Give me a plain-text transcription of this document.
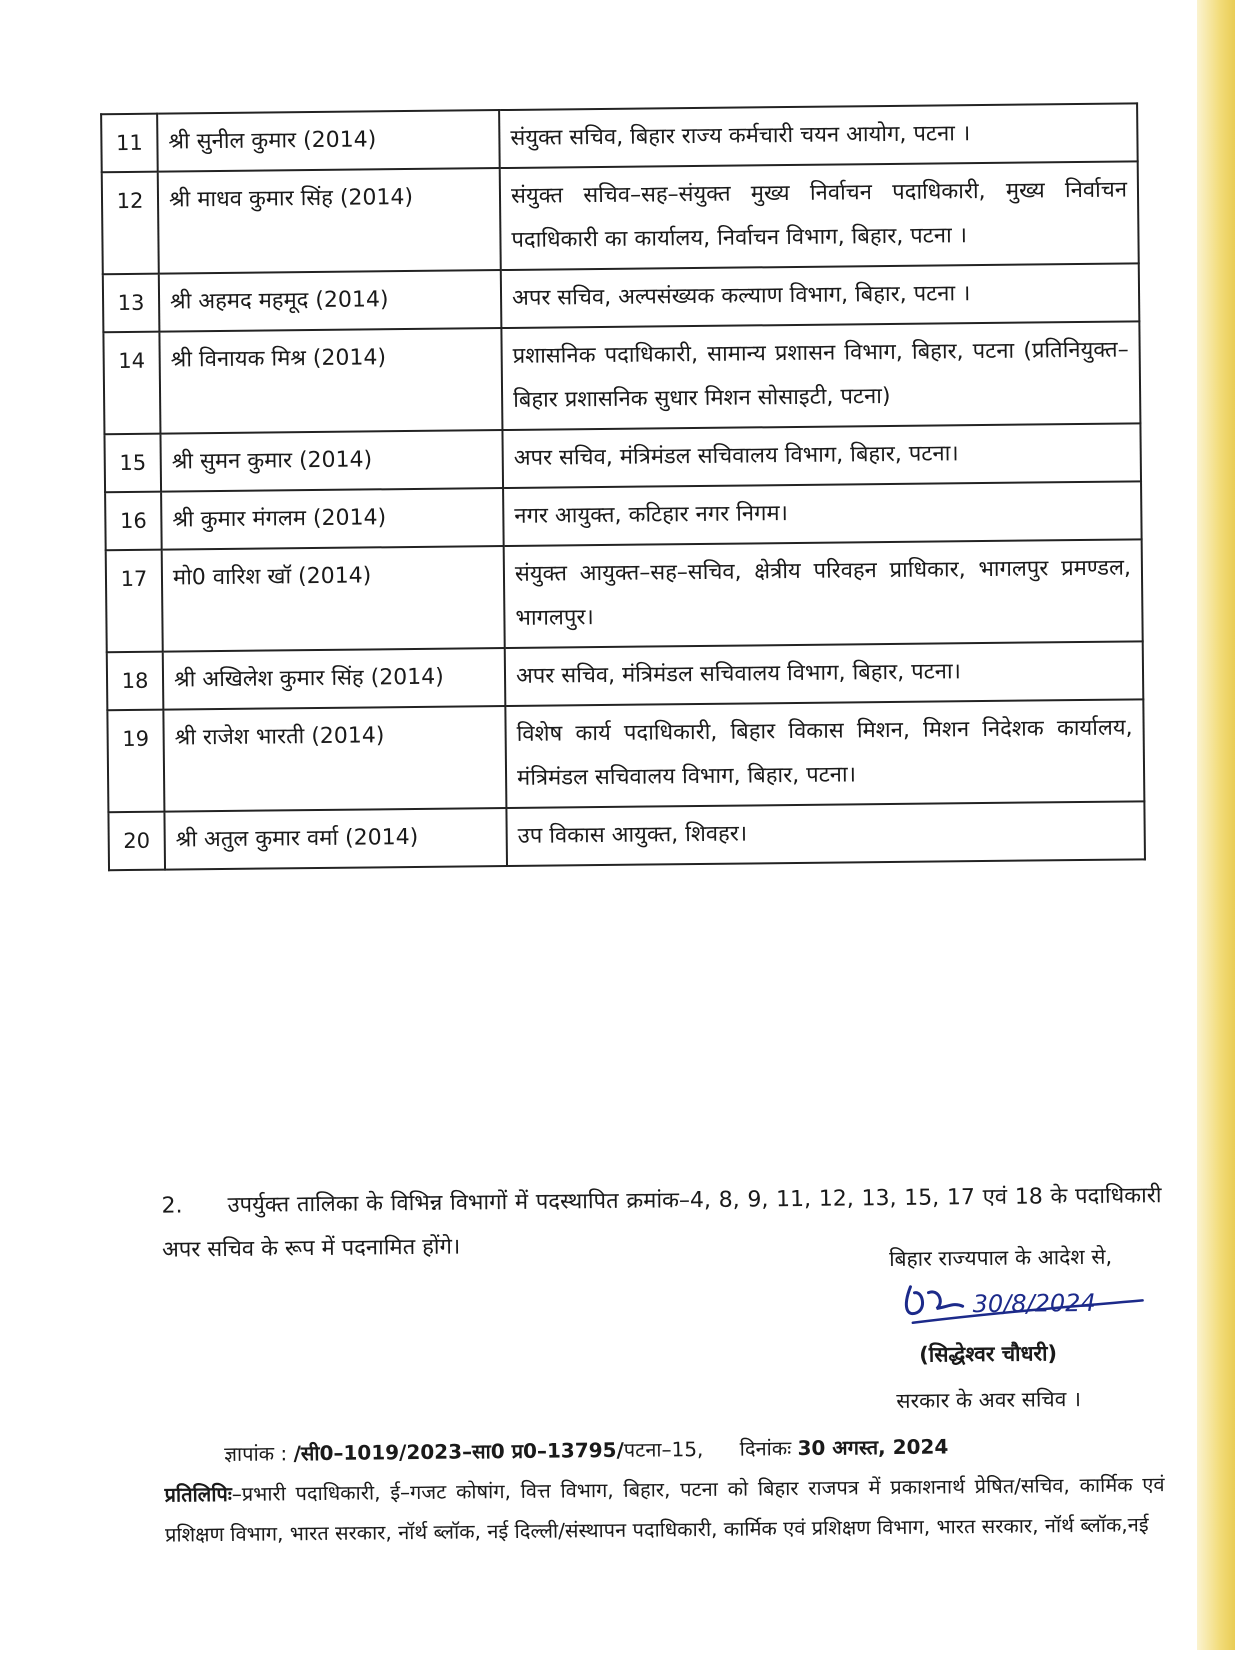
11	श्री सुनील कुमार (2014)	संयुक्त सचिव, बिहार राज्य कर्मचारी चयन आयोग, पटना ।
12	श्री माधव कुमार सिंह (2014)	संयुक्त सचिव–सह–संयुक्त मुख्य निर्वाचन पदाधिकारी, मुख्य निर्वाचन पदाधिकारी का कार्यालय, निर्वाचन विभाग, बिहार, पटना ।
13	श्री अहमद महमूद (2014)	अपर सचिव, अल्पसंख्यक कल्याण विभाग, बिहार, पटना ।
14	श्री विनायक मिश्र (2014)	प्रशासनिक पदाधिकारी, सामान्य प्रशासन विभाग, बिहार, पटना (प्रतिनियुक्त– बिहार प्रशासनिक सुधार मिशन सोसाइटी, पटना)
15	श्री सुमन कुमार (2014)	अपर सचिव, मंत्रिमंडल सचिवालय विभाग, बिहार, पटना।
16	श्री कुमार मंगलम (2014)	नगर आयुक्त, कटिहार नगर निगम।
17	मो0 वारिश खॉ (2014)	संयुक्त आयुक्त–सह–सचिव, क्षेत्रीय परिवहन प्राधिकार, भागलपुर प्रमण्डल, भागलपुर।
18	श्री अखिलेश कुमार सिंह (2014)	अपर सचिव, मंत्रिमंडल सचिवालय विभाग, बिहार, पटना।
19	श्री राजेश भारती (2014)	विशेष कार्य पदाधिकारी, बिहार विकास मिशन, मिशन निदेशक कार्यालय, मंत्रिमंडल सचिवालय विभाग, बिहार, पटना।
20	श्री अतुल कुमार वर्मा (2014)	उप विकास आयुक्त, शिवहर।
2. उपर्युक्त तालिका के विभिन्न विभागों में पदस्थापित क्रमांक–4, 8, 9, 11, 12, 13, 15, 17 एवं 18 के पदाधिकारी अपर सचिव के रूप में पदनामित होंगे।	बिहार राज्यपाल के आदेश से,
30/8/2024
(सिद्धेश्वर चौधरी)
सरकार के अवर सचिव ।
ज्ञापांक : /सी0–1019/2023–सा0 प्र0–13795/पटना–15, दिनांकः 30 अगस्त, 2024
प्रतिलिपिः–प्रभारी पदाधिकारी, ई–गजट कोषांग, वित्त विभाग, बिहार, पटना को बिहार राजपत्र में प्रकाशनार्थ प्रेषित/सचिव, कार्मिक एवं प्रशिक्षण विभाग, भारत सरकार, नॉर्थ ब्लॉक, नई दिल्ली/संस्थापन पदाधिकारी, कार्मिक एवं प्रशिक्षण विभाग, भारत सरकार, नॉर्थ ब्लॉक,नई
